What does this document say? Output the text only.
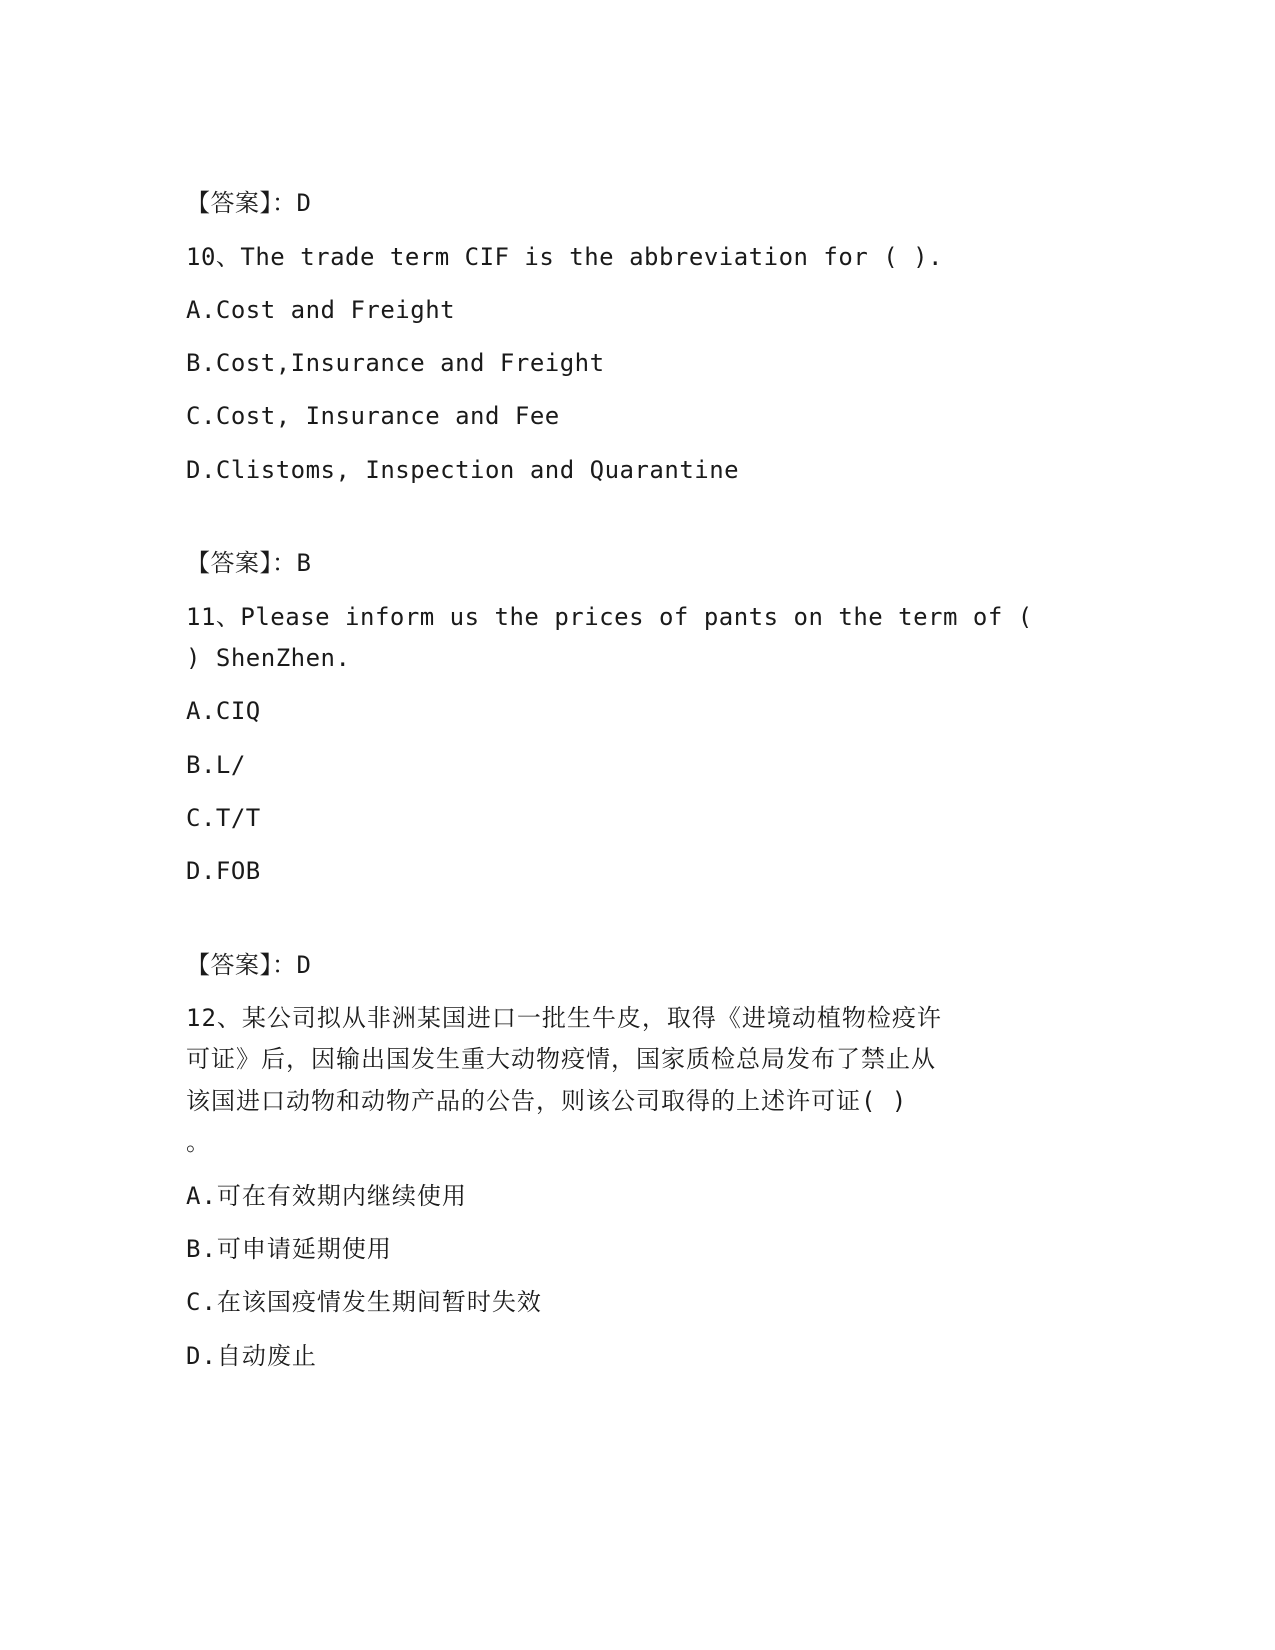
【答案】：D
10、The trade term CIF is the abbreviation for ( ).
A.Cost and Freight
B.Cost,Insurance and Freight
C.Cost, Insurance and Fee
D.Clistoms, Inspection and Quarantine
【答案】：B
11、Please inform us the prices of pants on the term of (
) ShenZhen.
A.CIQ
B.L/
C.T/T
D.FOB
【答案】：D
12、某公司拟从非洲某国进口一批生牛皮，取得《进境动植物检疫许
可证》后，因输出国发生重大动物疫情，国家质检总局发布了禁止从
该国进口动物和动物产品的公告，则该公司取得的上述许可证( )
。
A.可在有效期内继续使用
B.可申请延期使用
C.在该国疫情发生期间暂时失效
D.自动废止
